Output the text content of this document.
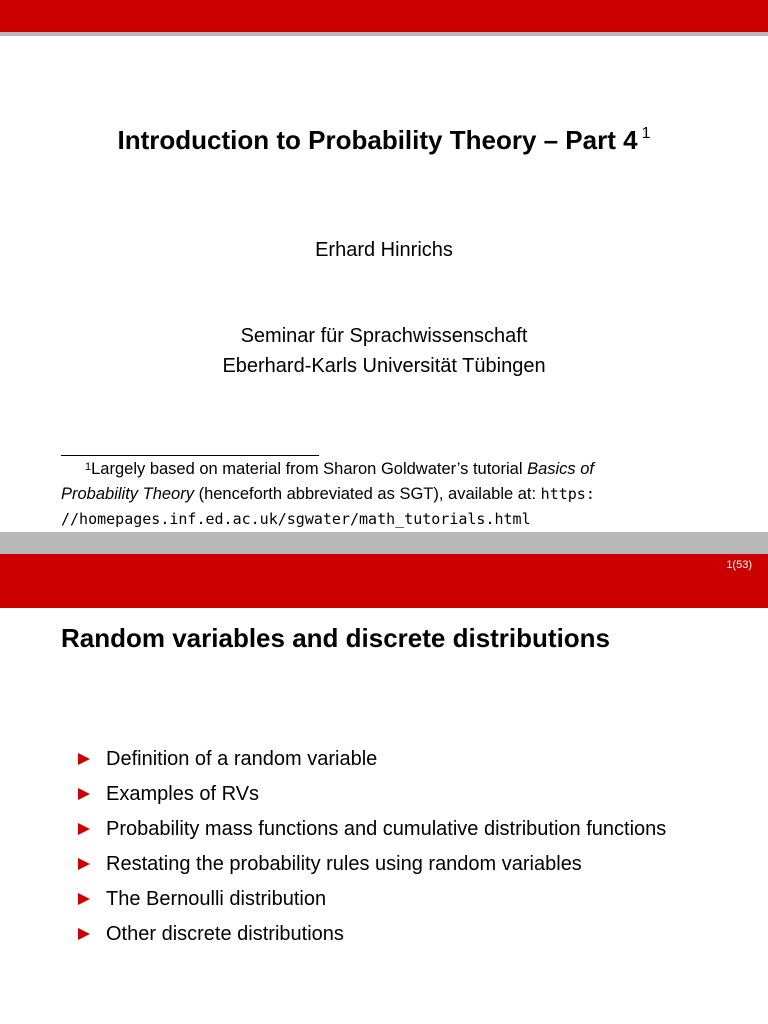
Introduction to Probability Theory – Part 4 $^1$
Erhard Hinrichs
Seminar für Sprachwissenschaft
Eberhard-Karls Universität Tübingen
$^1$Largely based on material from Sharon Goldwater’s tutorial Basics of
Probability Theory (henceforth abbreviated as SGT), available at: https:
//homepages.inf.ed.ac.uk/sgwater/math_tutorials.html
1(53)
Random variables and discrete distributions
Definition of a random variable
Examples of RVs
Probability mass functions and cumulative distribution functions
Restating the probability rules using random variables
The Bernoulli distribution
Other discrete distributions
